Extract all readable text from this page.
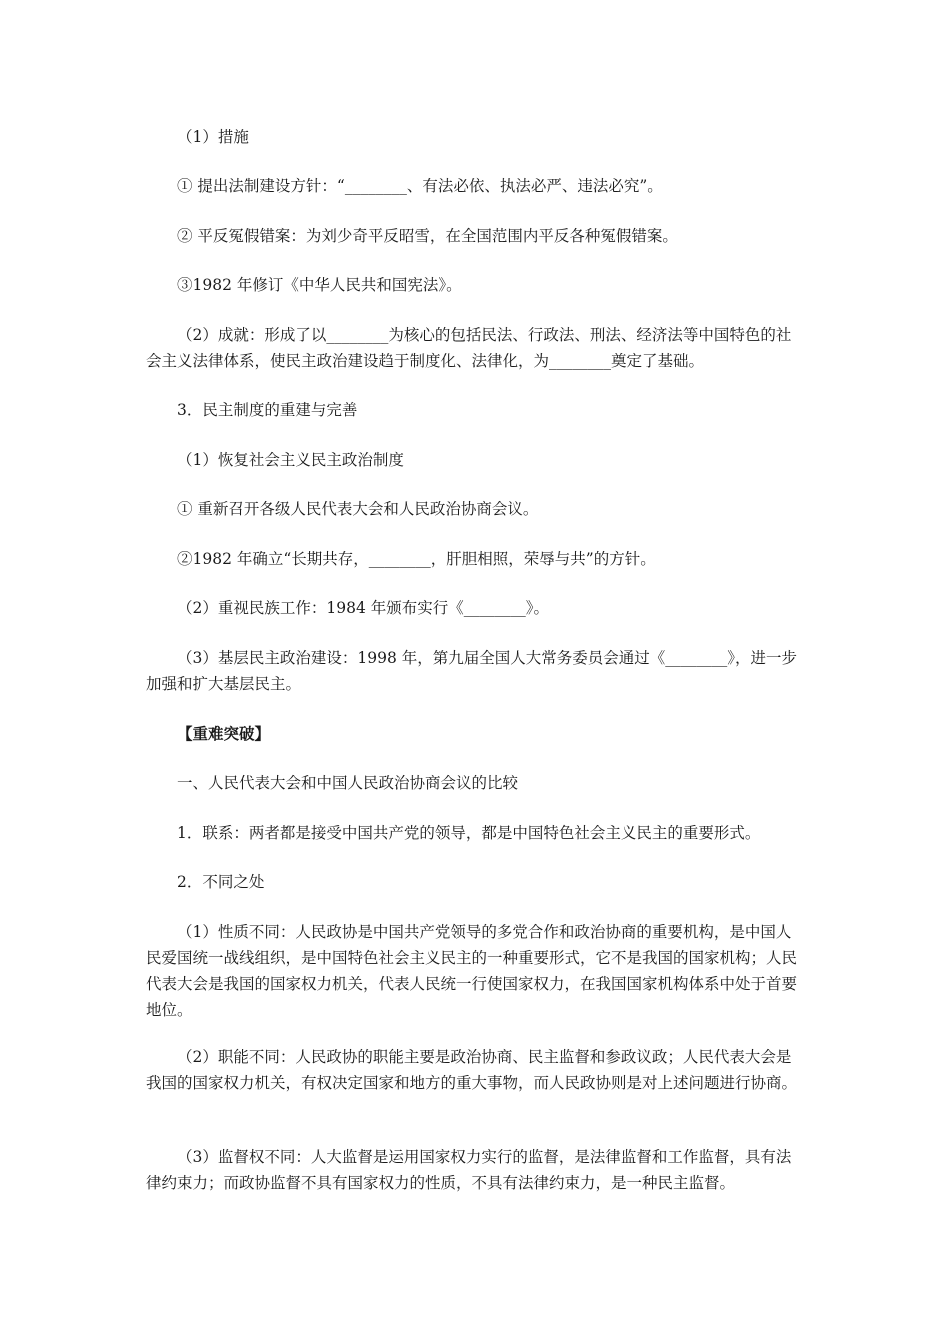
（1）措施

① 提出法制建设方针：“________、有法必依、执法必严、违法必究”。

② 平反冤假错案：为刘少奇平反昭雪，在全国范围内平反各种冤假错案。

③1982 年修订《中华人民共和国宪法》。

（2）成就：形成了以________为核心的包括民法、行政法、刑法、经济法等中国特色的社会主义法律体系，使民主政治建设趋于制度化、法律化，为________奠定了基础。

3．民主制度的重建与完善

（1）恢复社会主义民主政治制度

① 重新召开各级人民代表大会和人民政治协商会议。

②1982 年确立“长期共存，________，肝胆相照，荣辱与共”的方针。

（2）重视民族工作：1984 年颁布实行《________》。

（3）基层民主政治建设：1998 年，第九届全国人大常务委员会通过《________》，进一步加强和扩大基层民主。

【重难突破】

一、人民代表大会和中国人民政治协商会议的比较

1．联系：两者都是接受中国共产党的领导，都是中国特色社会主义民主的重要形式。

2．不同之处

（1）性质不同：人民政协是中国共产党领导的多党合作和政治协商的重要机构，是中国人民爱国统一战线组织，是中国特色社会主义民主的一种重要形式，它不是我国的国家机构；人民代表大会是我国的国家权力机关，代表人民统一行使国家权力，在我国国家机构体系中处于首要地位。

（2）职能不同：人民政协的职能主要是政治协商、民主监督和参政议政；人民代表大会是我国的国家权力机关，有权决定国家和地方的重大事物，而人民政协则是对上述问题进行协商。

（3）监督权不同：人大监督是运用国家权力实行的监督，是法律监督和工作监督，具有法律约束力；而政协监督不具有国家权力的性质，不具有法律约束力，是一种民主监督。
